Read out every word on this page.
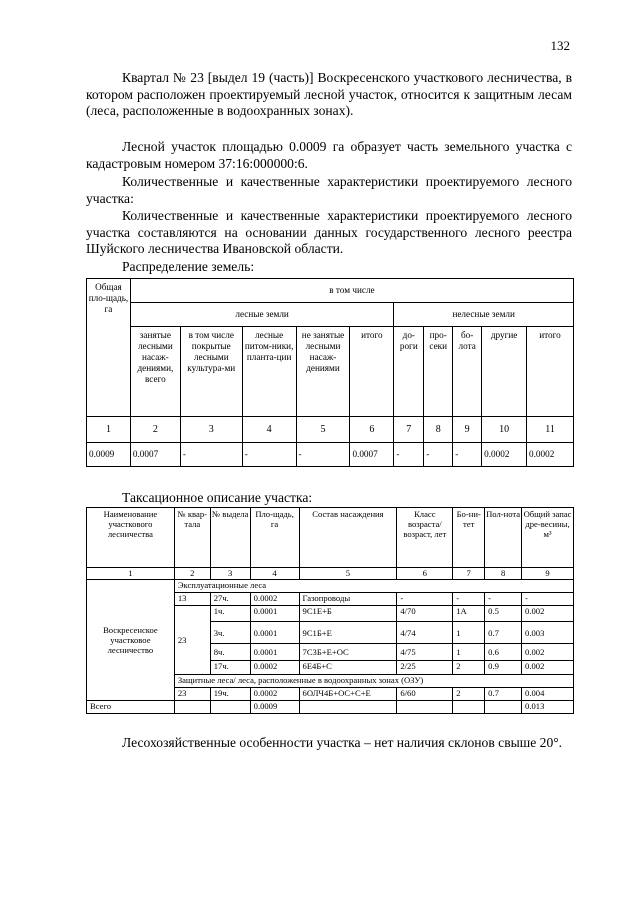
132

Квартал № 23 [выдел 19 (часть)] Воскресенского участкового лесничества, в котором расположен проектируемый лесной участок, относится к защитным лесам (леса, расположенные в водоохранных зонах).

Лесной участок площадью 0.0009 га образует часть земельного участка с кадастровым номером 37:16:000000:6.

Количественные и качественные характеристики проектируемого лесного участка:

Количественные и качественные характеристики проектируемого лесного участка составляются на основании данных государственного лесного реестра Шуйского лесничества Ивановской области.

Распределение земель:
Общая пло-щадь, га	в том числе									
	лесные земли					нелесные земли				
	занятые лесными насаж-дениями, всего	в том числе покрытые лесными культура-ми	лесные питом-ники, планта-ции	не занятые лесными насаж-дениями	итого	до-роги	про-секи	бо-лота	другие	итого
1	2	3	4	5	6	7	8	9	10	11
0.0009	0.0007	-	-	-	0.0007	-	-	-	0.0002	0.0002
Таксационное описание участка:
Наименование участкового лесничества	№ квар-тала	№ выдела	Пло-щадь, га	Состав насаждения	Класс возраста/ возраст, лет	Бо-ни-тет	Пол-нота	Общий запас дре-весины, м³
1	2	3	4	5	6	7	8	9
Воскресенское участковое лесничество	Эксплуатационные леса							
	13	27ч.	0.0002	Газопроводы	-	-	-	-
	23	1ч.	0.0001	9С1Е+Б	4/70	1А	0.5	0.002
		3ч.	0.0001	9С1Б+Е	4/74	1	0.7	0.003
		8ч.	0.0001	7С3Б+Е+ОС	4/75	1	0.6	0.002
		17ч.	0.0002	6Е4Б+С	2/25	2	0.9	0.002
	Защитные леса/ леса, расположенные в водоохранных зонах (ОЗУ)							
	23	19ч.	0.0002	6ОЛЧ4Б+ОС+С+Е	6/60	2	0.7	0.004
Всего			0.0009					0.013

Лесохозяйственные особенности участка – нет наличия склонов свыше 20°.
